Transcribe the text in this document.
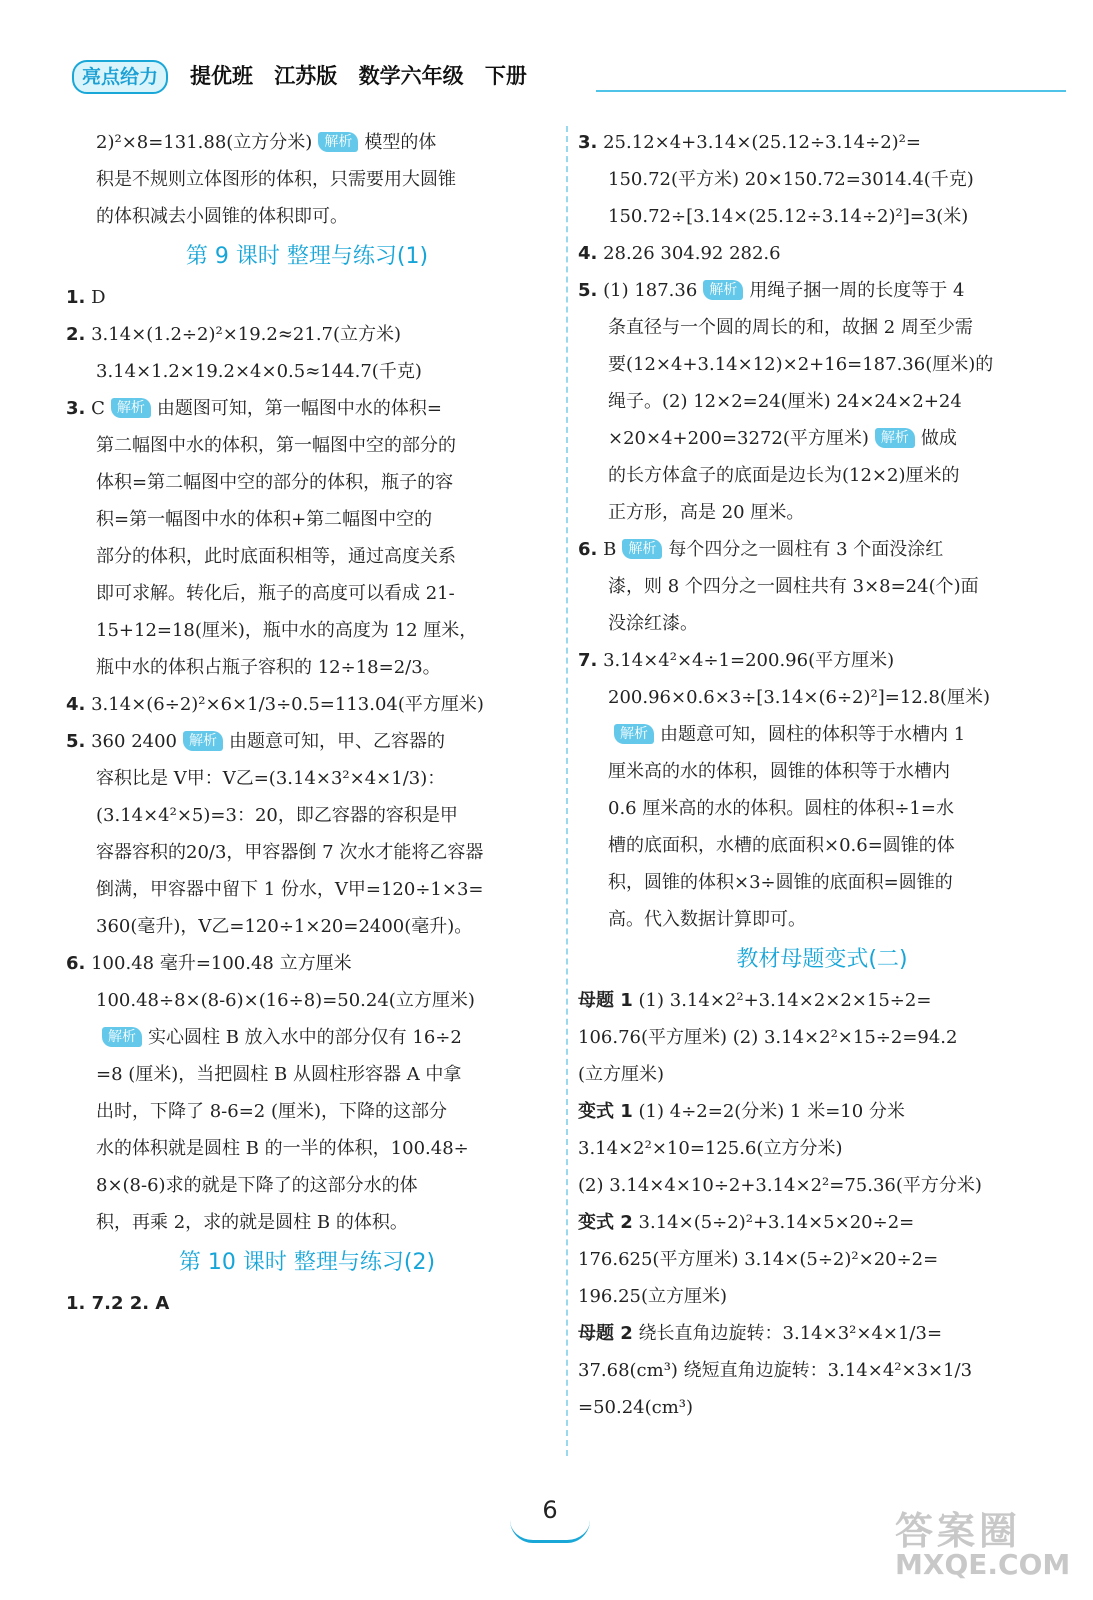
亮点给力	提优班 江苏版 数学六年级 下册

2)²×8=131.88(立方分米) 解析 模型的体

积是不规则立体图形的体积，只需要用大圆锥

的体积减去小圆锥的体积即可。

第 9 课时 整理与练习(1)

1. D

2. 3.14×(1.2÷2)²×19.2≈21.7(立方米)

3.14×1.2×19.2×4×0.5≈144.7(千克)

3. C 解析 由题图可知，第一幅图中水的体积=

第二幅图中水的体积，第一幅图中空的部分的

体积=第二幅图中空的部分的体积，瓶子的容

积=第一幅图中水的体积+第二幅图中空的

部分的体积，此时底面积相等，通过高度关系

即可求解。转化后，瓶子的高度可以看成 21-

15+12=18(厘米)，瓶中水的高度为 12 厘米，

瓶中水的体积占瓶子容积的 12÷18=2/3。

4. 3.14×(6÷2)²×6×1/3÷0.5=113.04(平方厘米)

5. 360 2400 解析 由题意可知，甲、乙容器的

容积比是 V甲：V乙=(3.14×3²×4×1/3)：

(3.14×4²×5)=3：20，即乙容器的容积是甲

容器容积的20/3，甲容器倒 7 次水才能将乙容器

倒满，甲容器中留下 1 份水，V甲=120÷1×3=

360(毫升)，V乙=120÷1×20=2400(毫升)。

6. 100.48 毫升=100.48 立方厘米

100.48÷8×(8-6)×(16÷8)=50.24(立方厘米)

解析 实心圆柱 B 放入水中的部分仅有 16÷2

=8 (厘米)，当把圆柱 B 从圆柱形容器 A 中拿

出时，下降了 8-6=2 (厘米)，下降的这部分

水的体积就是圆柱 B 的一半的体积，100.48÷

8×(8-6)求的就是下降了的这部分水的体

积，再乘 2，求的就是圆柱 B 的体积。

第 10 课时 整理与练习(2)

1. 7.2 2. A

3. 25.12×4+3.14×(25.12÷3.14÷2)²=

150.72(平方米) 20×150.72=3014.4(千克)

150.72÷[3.14×(25.12÷3.14÷2)²]=3(米)

4. 28.26 304.92 282.6

5. (1) 187.36 解析 用绳子捆一周的长度等于 4

条直径与一个圆的周长的和，故捆 2 周至少需

要(12×4+3.14×12)×2+16=187.36(厘米)的

绳子。(2) 12×2=24(厘米) 24×24×2+24

×20×4+200=3272(平方厘米) 解析 做成

的长方体盒子的底面是边长为(12×2)厘米的

正方形，高是 20 厘米。

6. B 解析 每个四分之一圆柱有 3 个面没涂红

漆，则 8 个四分之一圆柱共有 3×8=24(个)面

没涂红漆。

7. 3.14×4²×4÷1=200.96(平方厘米)

200.96×0.6×3÷[3.14×(6÷2)²]=12.8(厘米)

解析 由题意可知，圆柱的体积等于水槽内 1

厘米高的水的体积，圆锥的体积等于水槽内

0.6 厘米高的水的体积。圆柱的体积÷1=水

槽的底面积，水槽的底面积×0.6=圆锥的体

积，圆锥的体积×3÷圆锥的底面积=圆锥的

高。代入数据计算即可。

教材母题变式(二)

母题 1 (1) 3.14×2²+3.14×2×2×15÷2=

106.76(平方厘米) (2) 3.14×2²×15÷2=94.2

(立方厘米)

变式 1 (1) 4÷2=2(分米) 1 米=10 分米

3.14×2²×10=125.6(立方分米)

(2) 3.14×4×10÷2+3.14×2²=75.36(平方分米)

变式 2 3.14×(5÷2)²+3.14×5×20÷2=

176.625(平方厘米) 3.14×(5÷2)²×20÷2=

196.25(立方厘米)

母题 2 绕长直角边旋转：3.14×3²×4×1/3=

37.68(cm³) 绕短直角边旋转：3.14×4²×3×1/3

=50.24(cm³)

6	答案圈
MXQE.COM
